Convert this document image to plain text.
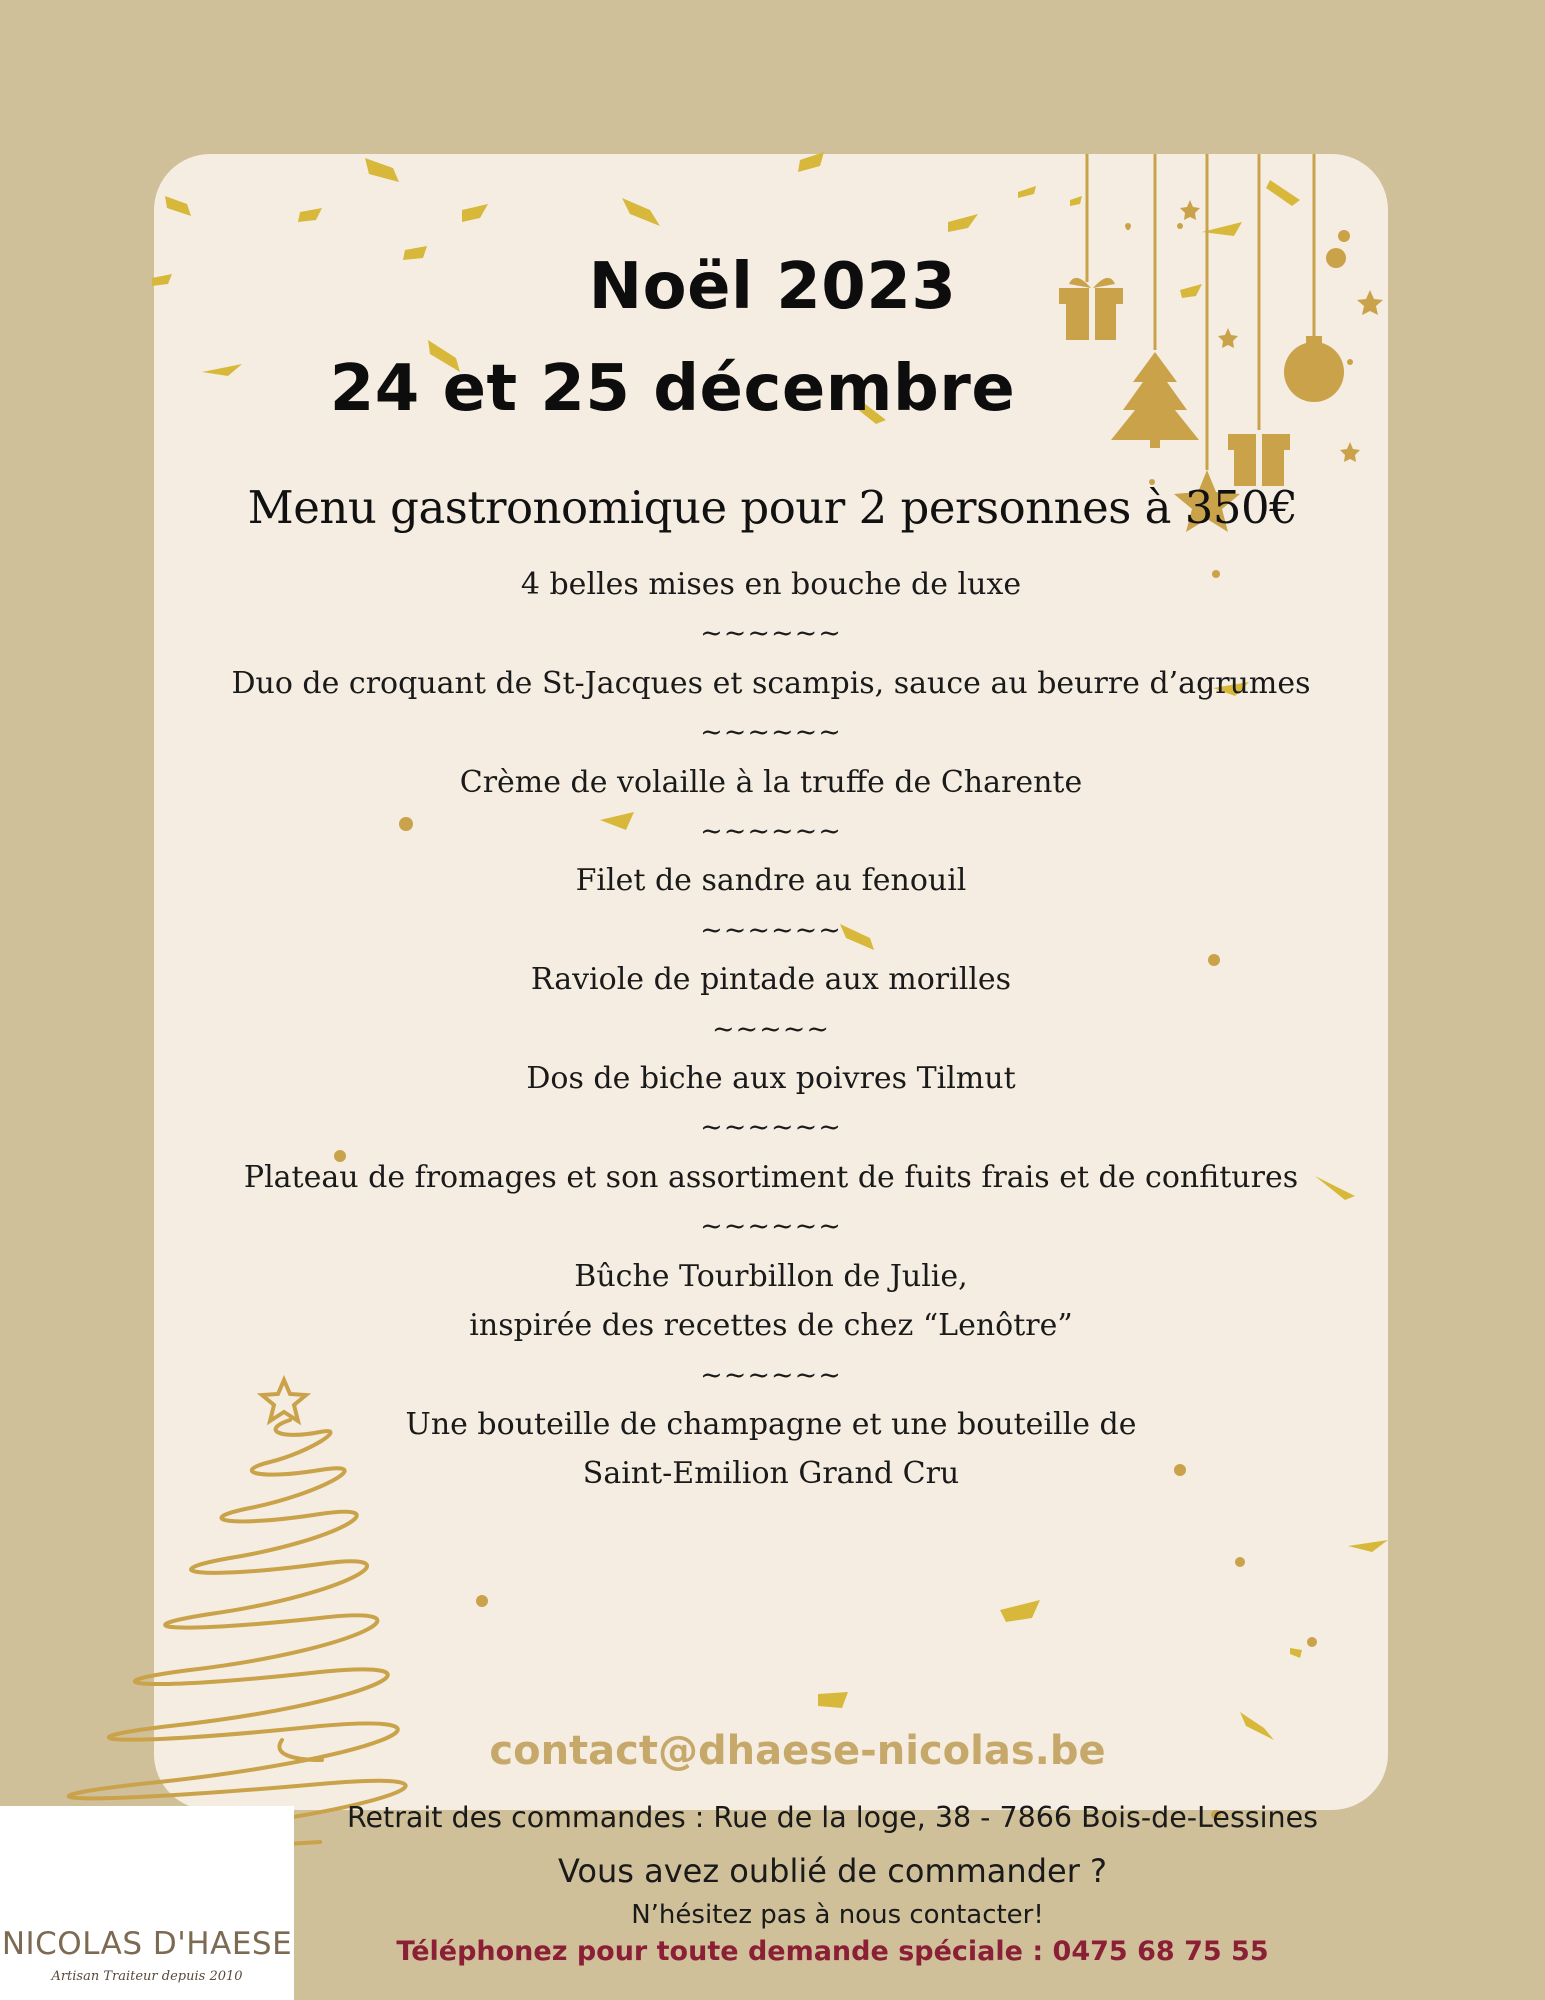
Noël 2023
24 et 25 décembre
Menu gastronomique pour 2 personnes à 350€
4 belles mises en bouche de luxe
~~~~~~
Duo de croquant de St-Jacques et scampis, sauce au beurre d’agrumes
~~~~~~
Crème de volaille à la truffe de Charente
~~~~~~
Filet de sandre au fenouil
~~~~~~
Raviole de pintade aux morilles
~~~~~
Dos de biche aux poivres Tilmut
~~~~~~
Plateau de fromages et son assortiment de fuits frais et de confitures
~~~~~~
Bûche Tourbillon de Julie,
inspirée des recettes de chez “Lenôtre”
~~~~~~
Une bouteille de champagne et une bouteille de
Saint-Emilion Grand Cru
contact@dhaese-nicolas.be
Retrait des commandes : Rue de la loge, 38 - 7866 Bois-de-Lessines
Vous avez oublié de commander ?
N’hésitez pas à nous contacter!
Téléphonez pour toute demande spéciale : 0475 68 75 55
NICOLAS D'HAESE
Artisan Traiteur depuis 2010
